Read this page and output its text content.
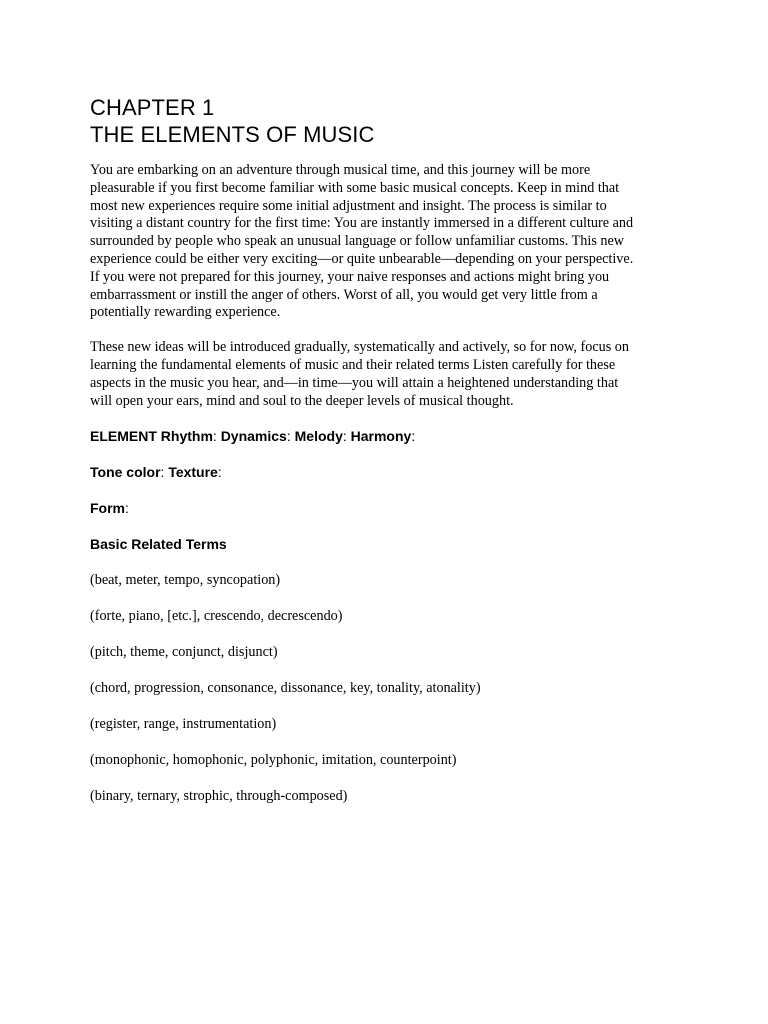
CHAPTER 1
THE ELEMENTS OF MUSIC
You are embarking on an adventure through musical time, and this journey will be more
pleasurable if you first become familiar with some basic musical concepts. Keep in mind that
most new experiences require some initial adjustment and insight. The process is similar to
visiting a distant country for the first time: You are instantly immersed in a different culture and
surrounded by people who speak an unusual language or follow unfamiliar customs. This new
experience could be either very exciting—or quite unbearable—depending on your perspective.
If you were not prepared for this journey, your naive responses and actions might bring you
embarrassment or instill the anger of others. Worst of all, you would get very little from a
potentially rewarding experience.
These new ideas will be introduced gradually, systematically and actively, so for now, focus on
learning the fundamental elements of music and their related terms Listen carefully for these
aspects in the music you hear, and—in time—you will attain a heightened understanding that
will open your ears, mind and soul to the deeper levels of musical thought.
ELEMENT Rhythm: Dynamics: Melody: Harmony:
Tone color: Texture:
Form:
Basic Related Terms
(beat, meter, tempo, syncopation)
(forte, piano, [etc.], crescendo, decrescendo)
(pitch, theme, conjunct, disjunct)
(chord, progression, consonance, dissonance, key, tonality, atonality)
(register, range, instrumentation)
(monophonic, homophonic, polyphonic, imitation, counterpoint)
(binary, ternary, strophic, through-composed)
